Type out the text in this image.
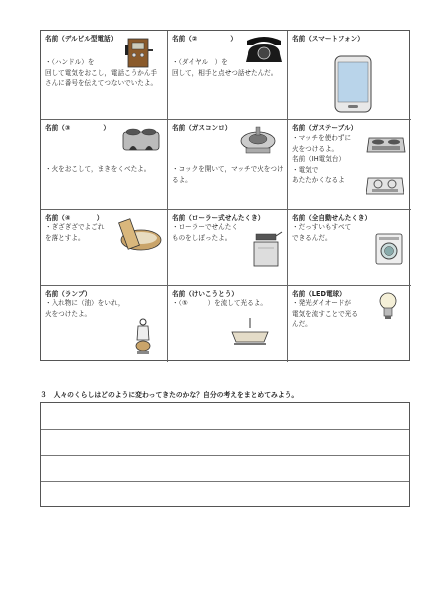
名前（デルビル型電話）
・（ハンドル）を
回して電気をおこし，電話こうかん手
さんに番号を伝えてつないでいたよ。
名前（②　　　　　）
・（ダイヤル　）を
回して，相手と点せつ話せたんだ。
名前（スマートフォン）
名前（③　　　　　）
・火をおこして，まきをくべたよ。
名前（ガスコンロ）
・コックを開いて，マッチで火をつけ
るよ。
名前（ガステーブル）
・マッチを使わずに
火をつけるよ。
名前（IH電気台）
・電気で
あたたかくなるよ
名前（④　　　　）
・ぎざぎざでよごれ
を落とすよ。
名前（ローラー式せんたくき）
・ローラーでせんたく
ものをしぼったよ。
名前（全自動せんたくき）
・だっすいもすべて
できるんだ。
名前（ランプ）
・入れ物に（油）をいれ，
火をつけたよ。
名前（けいこうとう）
・（⑤　　　）を流して光るよ。
名前（LED電球）
・発光ダイオードが
電気を流すことで光る
んだ。
３　人々のくらしはどのように変わってきたのかな？自分の考えをまとめてみよう。
